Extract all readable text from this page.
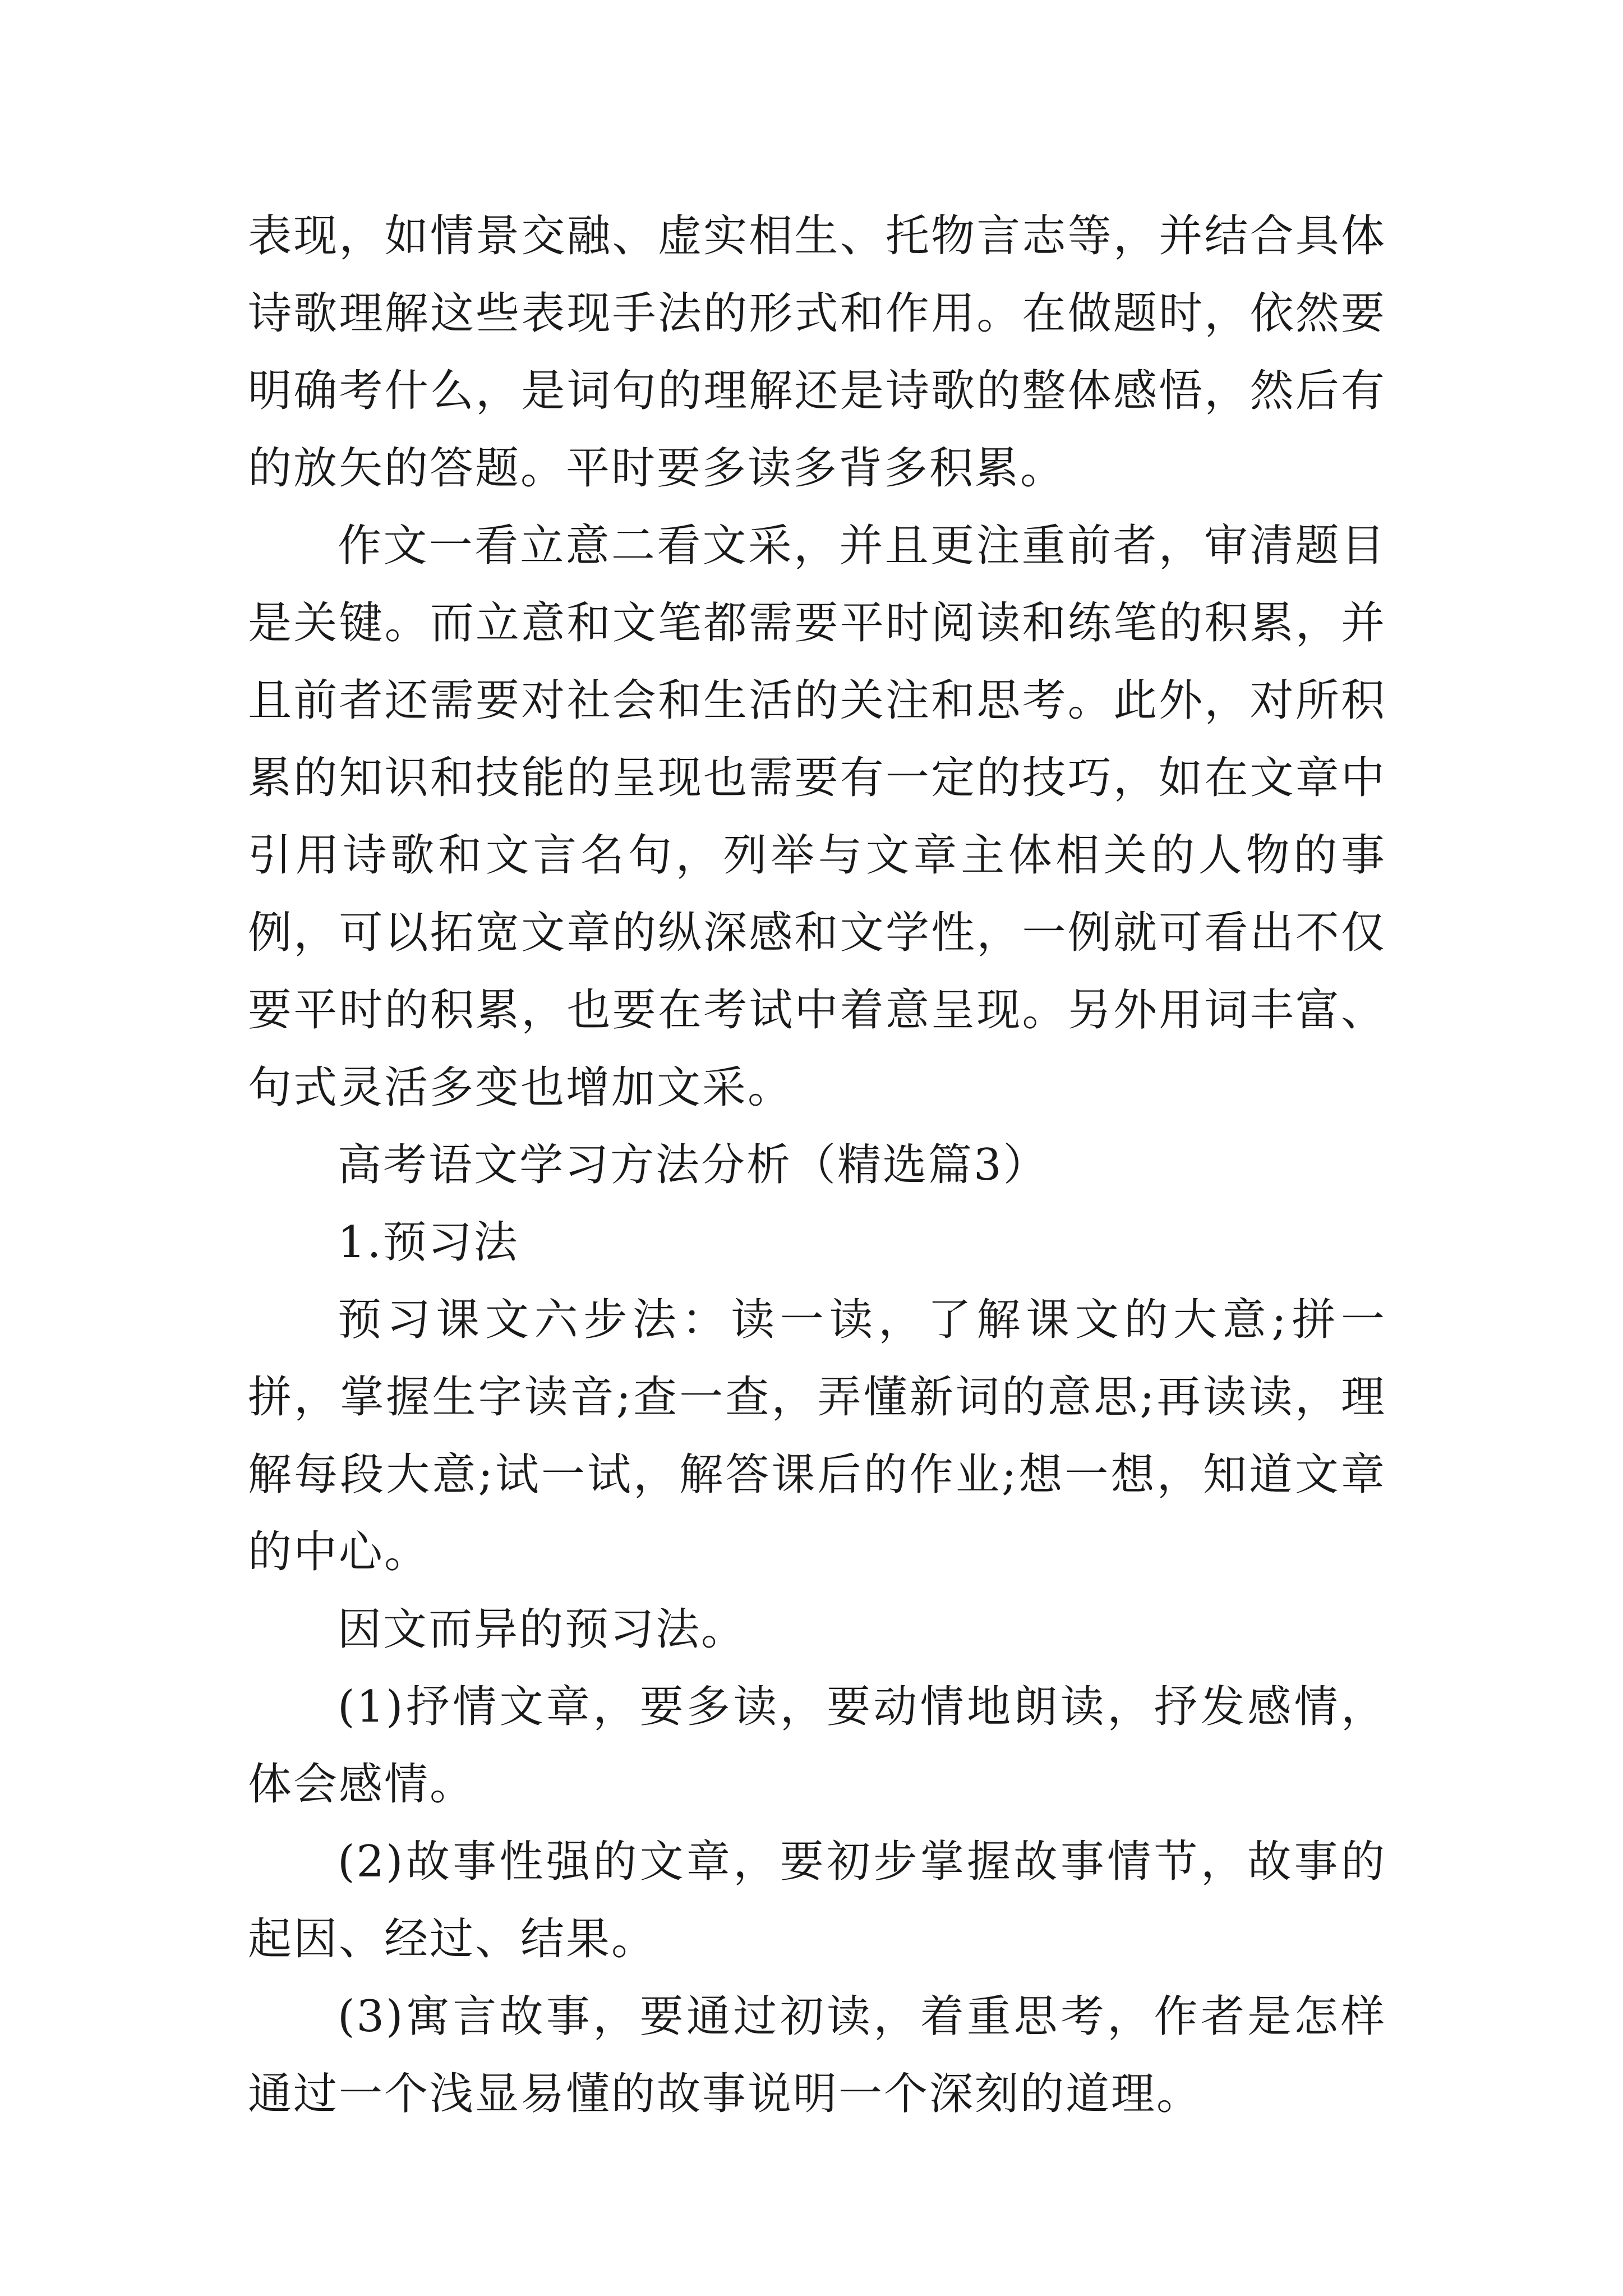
表现，如情景交融、虚实相生、托物言志等，并结合具体诗歌理解这些表现手法的形式和作用。在做题时，依然要明确考什么，是词句的理解还是诗歌的整体感悟，然后有的放矢的答题。平时要多读多背多积累。

作文一看立意二看文采，并且更注重前者，审清题目是关键。而立意和文笔都需要平时阅读和练笔的积累，并且前者还需要对社会和生活的关注和思考。此外，对所积累的知识和技能的呈现也需要有一定的技巧，如在文章中引用诗歌和文言名句，列举与文章主体相关的人物的事例，可以拓宽文章的纵深感和文学性，一例就可看出不仅要平时的积累，也要在考试中着意呈现。另外用词丰富、句式灵活多变也增加文采。

高考语文学习方法分析（精选篇3）

1.预习法

预习课文六步法：读一读，了解课文的大意;拼一拼，掌握生字读音;查一查，弄懂新词的意思;再读读，理解每段大意;试一试，解答课后的作业;想一想，知道文章的中心。

因文而异的预习法。

(1)抒情文章，要多读，要动情地朗读，抒发感情，体会感情。

(2)故事性强的文章，要初步掌握故事情节，故事的起因、经过、结果。

(3)寓言故事，要通过初读，着重思考，作者是怎样通过一个浅显易懂的故事说明一个深刻的道理。
